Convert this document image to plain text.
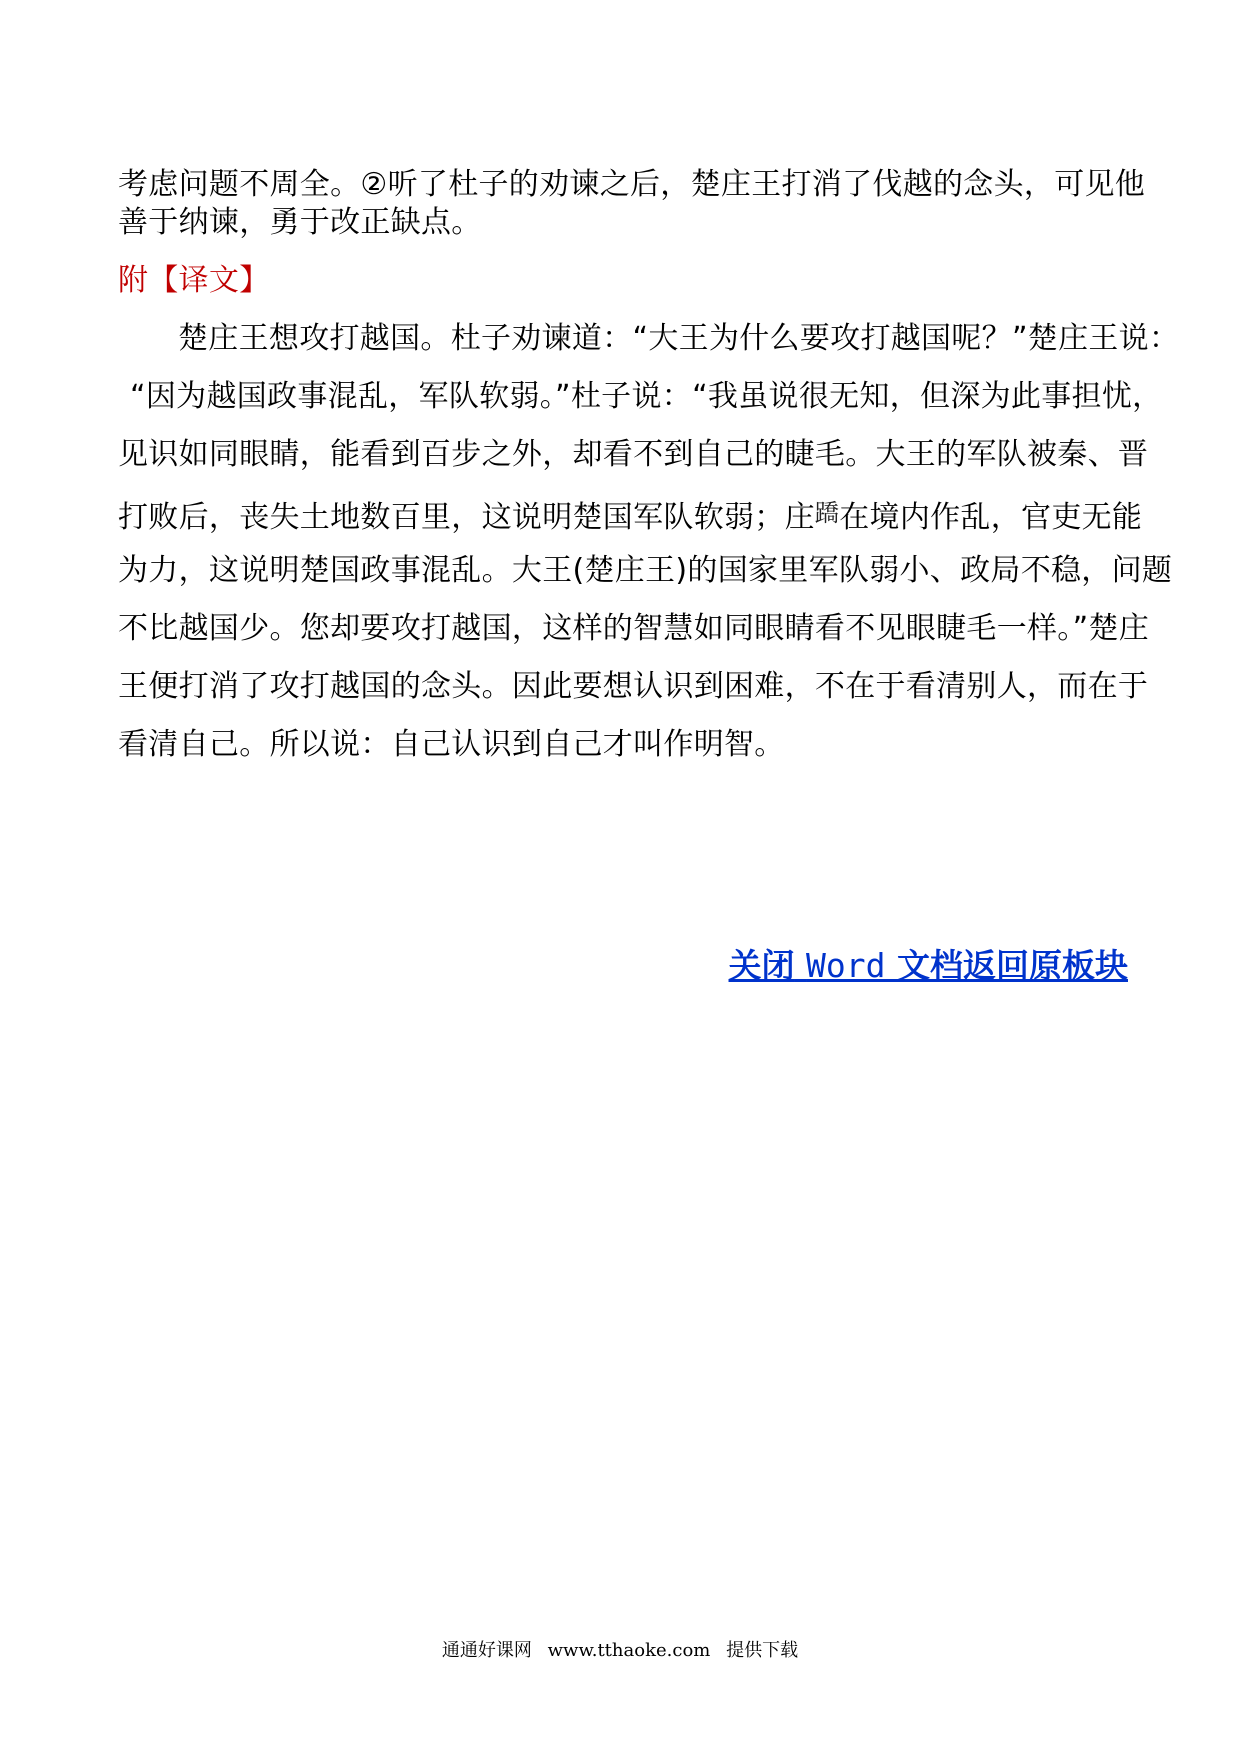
考虑问题不周全。②听了杜子的劝谏之后，楚庄王打消了伐越的念头，可见他
善于纳谏，勇于改正缺点。
附【译文】
楚庄王想攻打越国。杜子劝谏道：“大王为什么要攻打越国呢？”楚庄王说：
“因为越国政事混乱，军队软弱。”杜子说：“我虽说很无知，但深为此事担忧，
见识如同眼睛，能看到百步之外，却看不到自己的睫毛。大王的军队被秦、晋
打败后，丧失土地数百里，这说明楚国军队软弱；庄$^蹻$在境内作乱，官吏无能
为力，这说明楚国政事混乱。大王(楚庄王)的国家里军队弱小、政局不稳，问题
不比越国少。您却要攻打越国，这样的智慧如同眼睛看不见眼睫毛一样。”楚庄
王便打消了攻打越国的念头。因此要想认识到困难，不在于看清别人，而在于
看清自己。所以说：自己认识到自己才叫作明智。
关闭 Word 文档返回原板块
通通好课网 www.tthaoke.com 提供下载
